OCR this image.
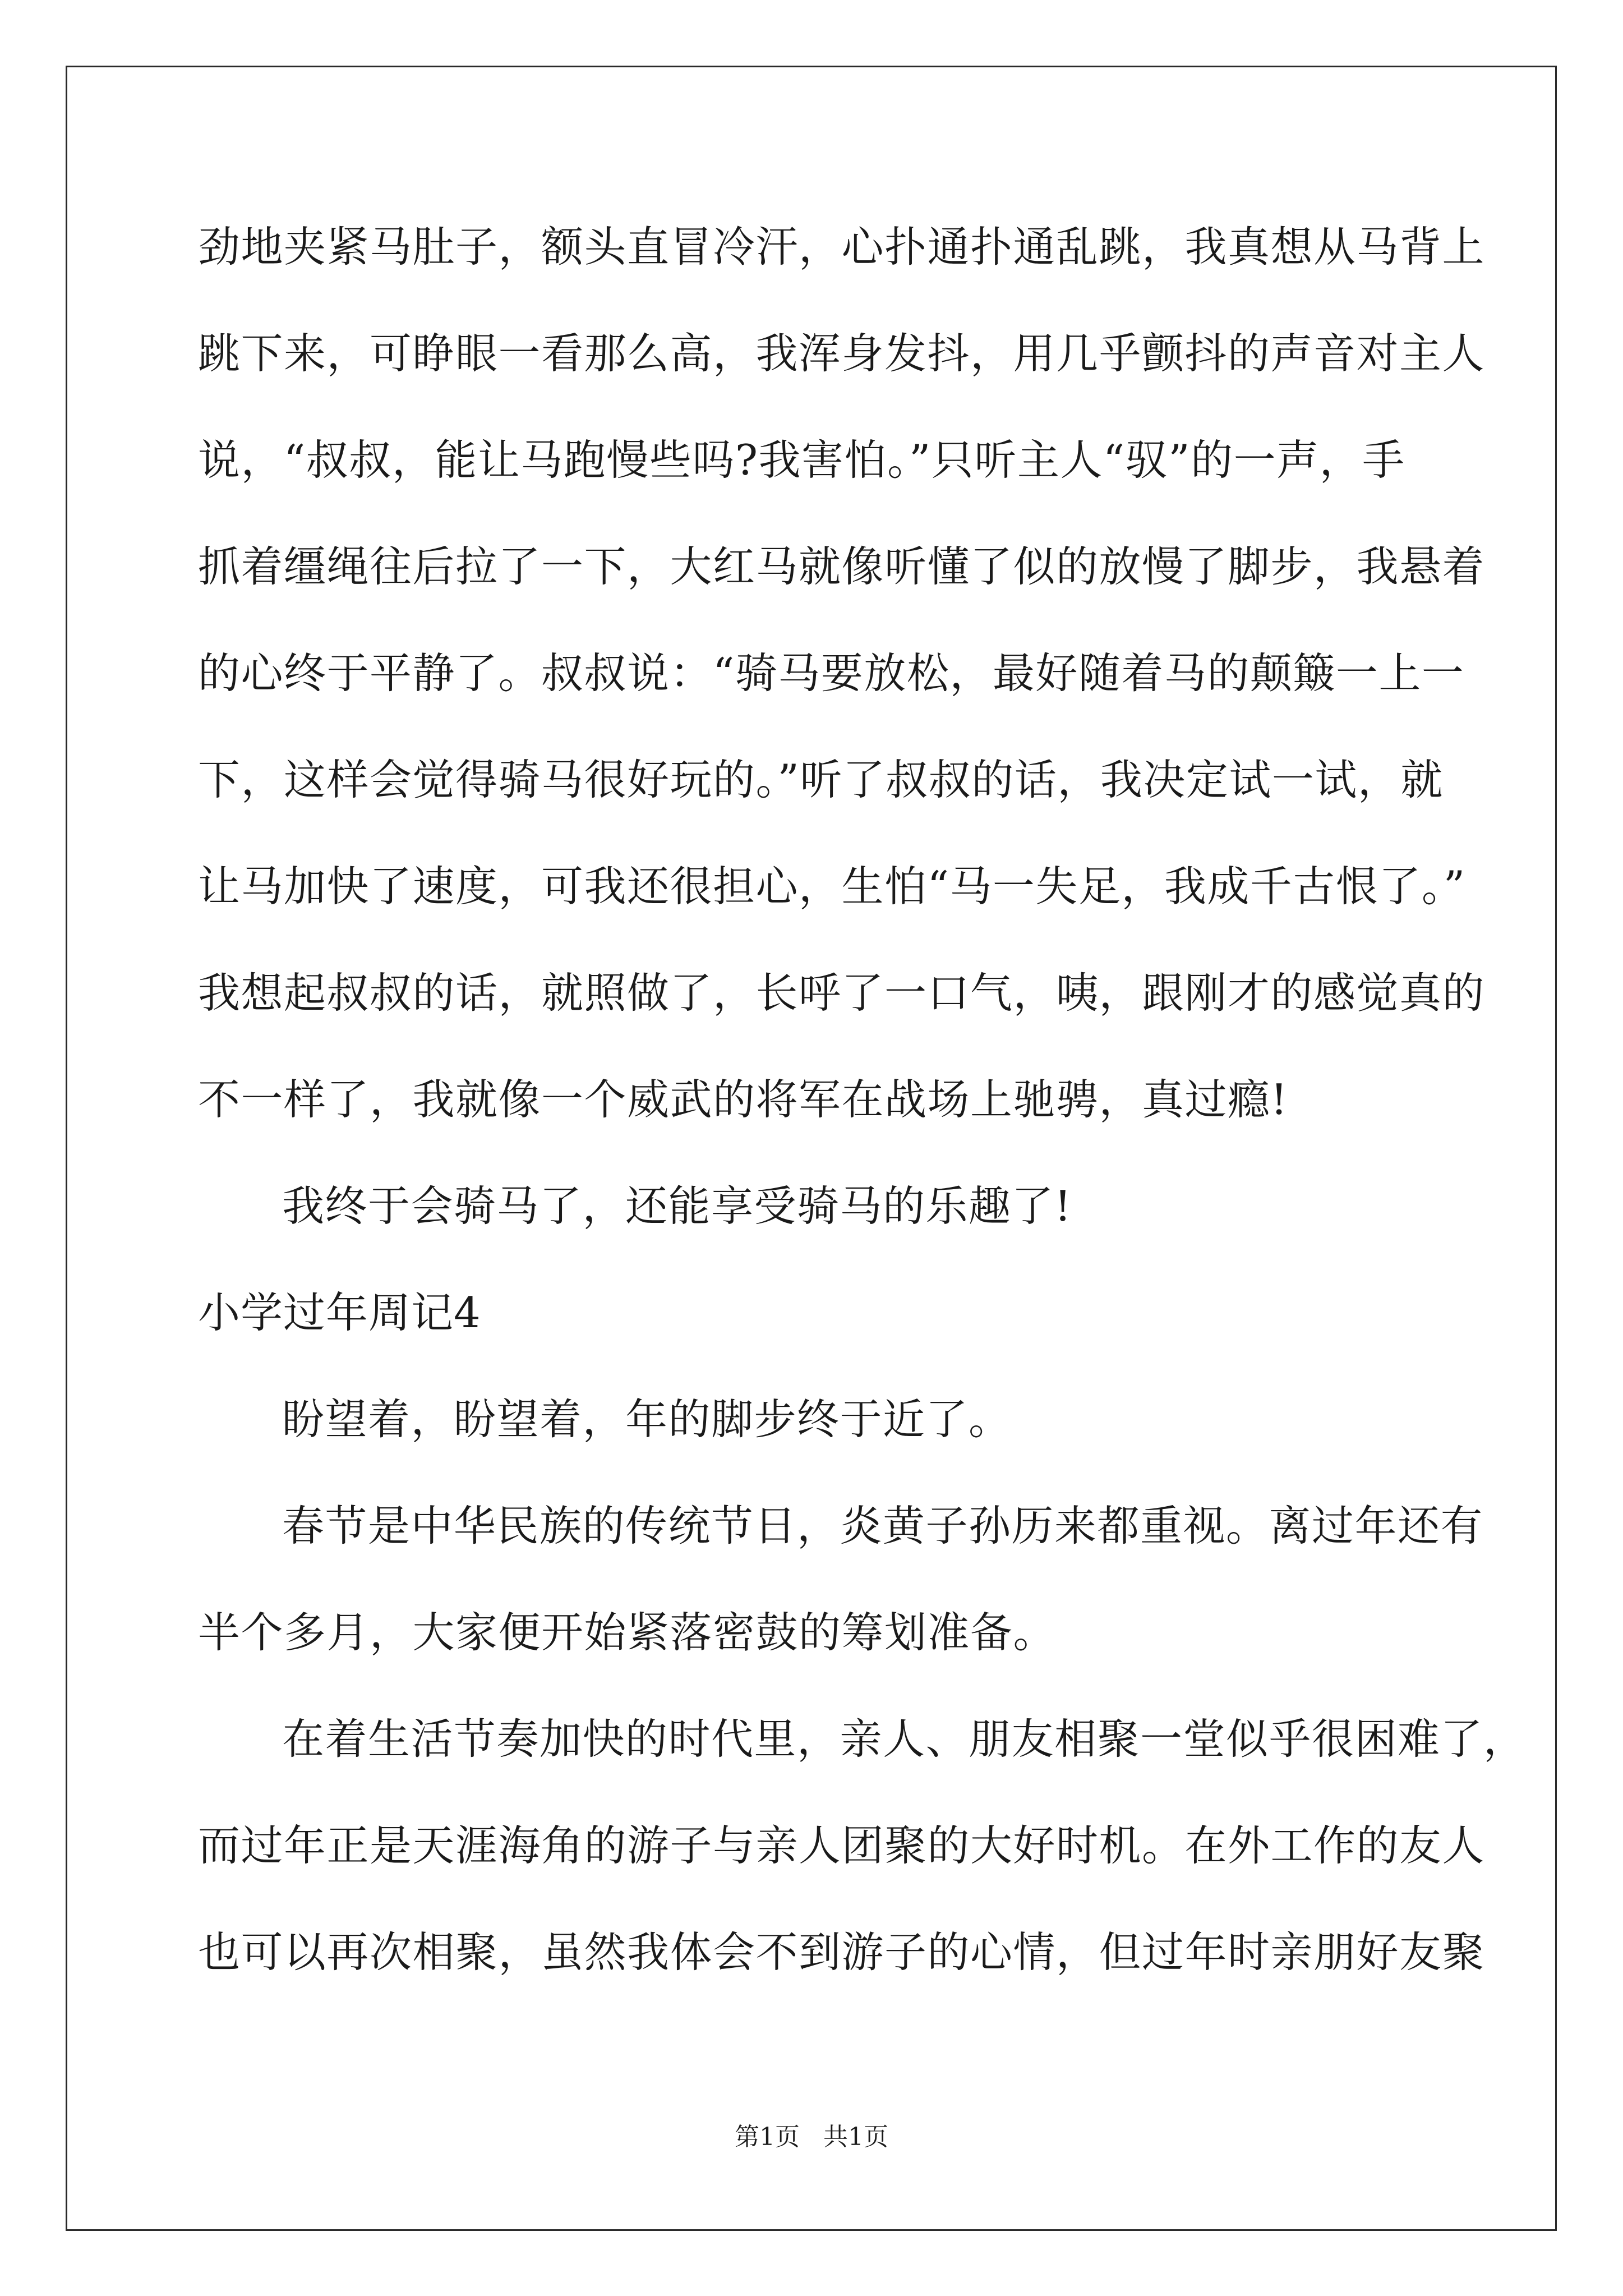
劲地夹紧马肚子，额头直冒冷汗，心扑通扑通乱跳，我真想从马背上
跳下来，可睁眼一看那么高，我浑身发抖，用几乎颤抖的声音对主人
说，“叔叔，能让马跑慢些吗?我害怕。”只听主人“驭”的一声，手
抓着缰绳往后拉了一下，大红马就像听懂了似的放慢了脚步，我悬着
的心终于平静了。叔叔说：“骑马要放松，最好随着马的颠簸一上一
下，这样会觉得骑马很好玩的。”听了叔叔的话，我决定试一试，就
让马加快了速度，可我还很担心，生怕“马一失足，我成千古恨了。”
我想起叔叔的话，就照做了，长呼了一口气，咦，跟刚才的感觉真的
不一样了，我就像一个威武的将军在战场上驰骋，真过瘾!
我终于会骑马了，还能享受骑马的乐趣了!
小学过年周记4
盼望着，盼望着，年的脚步终于近了。
春节是中华民族的传统节日，炎黄子孙历来都重视。离过年还有
半个多月，大家便开始紧落密鼓的筹划准备。
在着生活节奏加快的时代里，亲人、朋友相聚一堂似乎很困难了，
而过年正是天涯海角的游子与亲人团聚的大好时机。在外工作的友人
也可以再次相聚，虽然我体会不到游子的心情，但过年时亲朋好友聚
第1页   共1页
